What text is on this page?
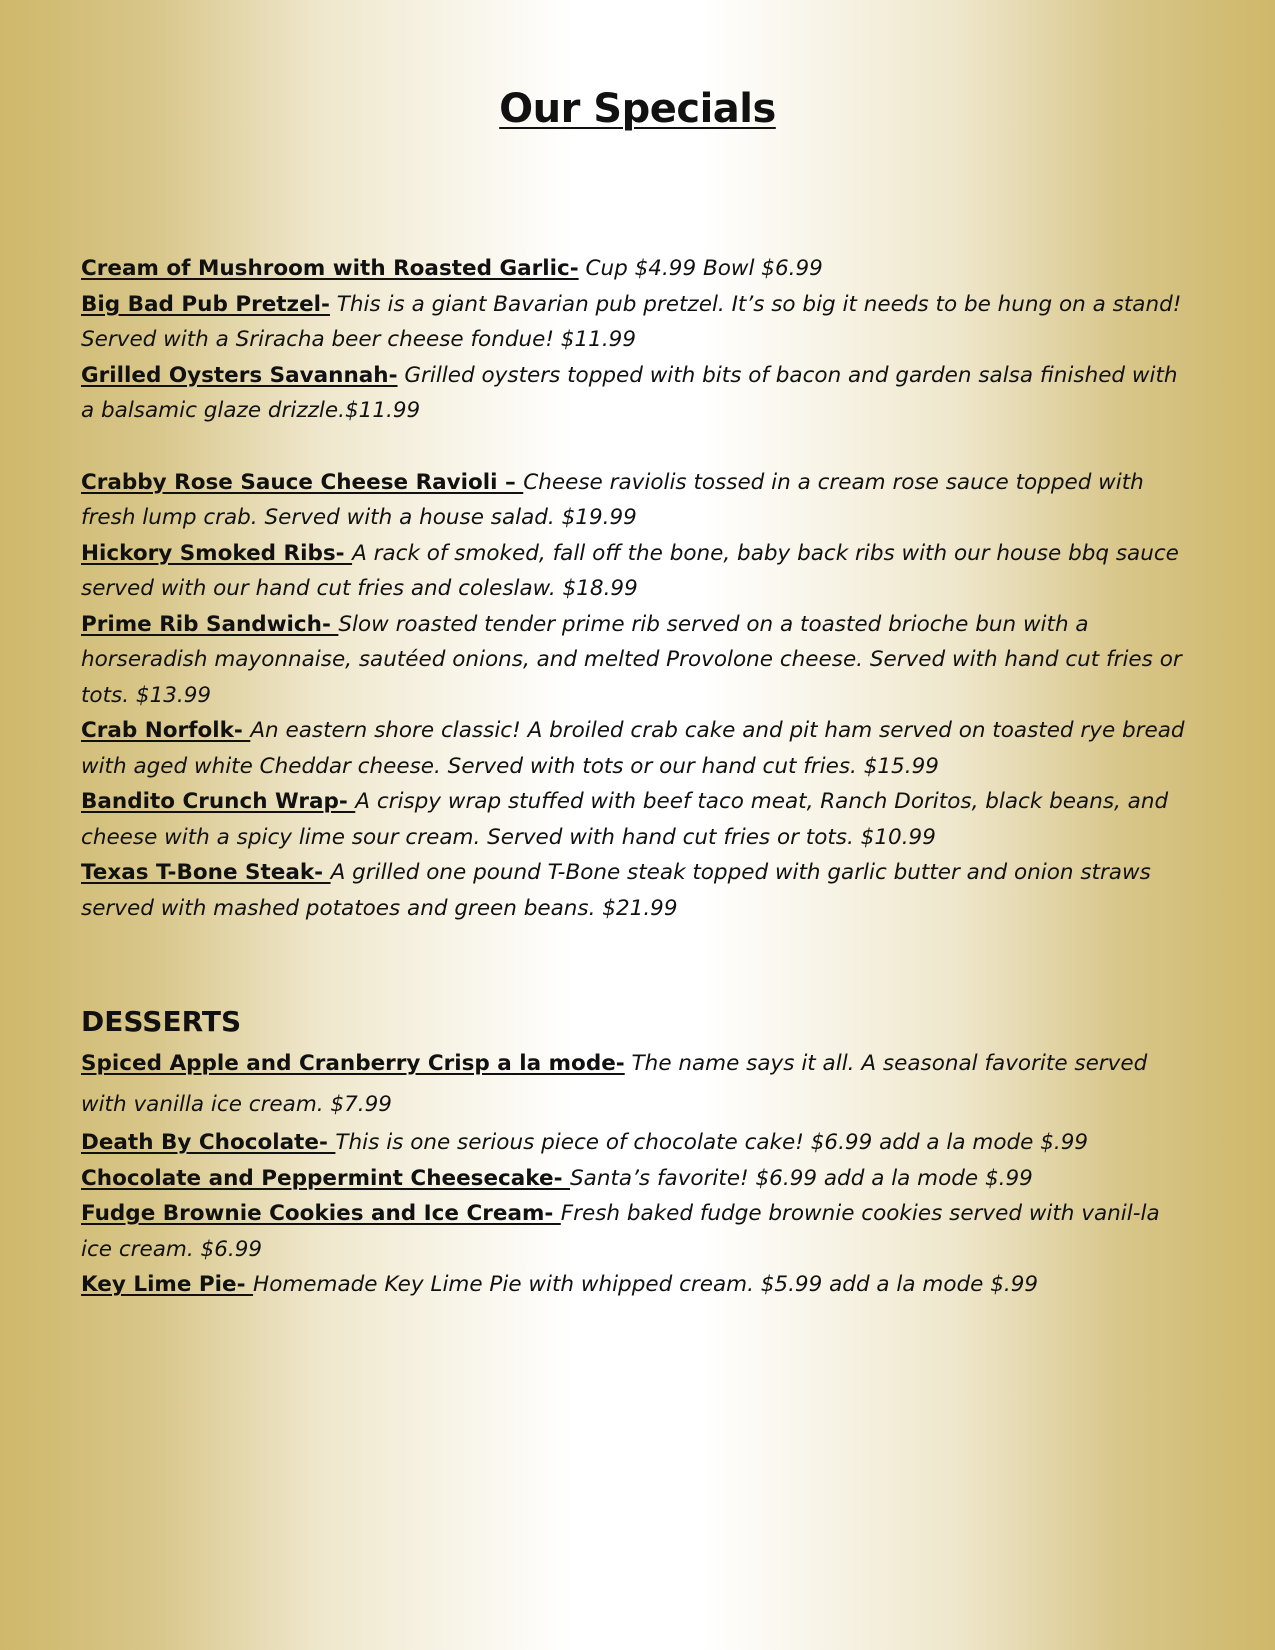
Our Specials

Cream of Mushroom with Roasted Garlic- Cup $4.99 Bowl $6.99

Big Bad Pub Pretzel- This is a giant Bavarian pub pretzel. It’s so big it needs to be hung on a stand! Served with a Sriracha beer cheese fondue! $11.99

Grilled Oysters Savannah- Grilled oysters topped with bits of bacon and garden salsa finished with a balsamic glaze drizzle.$11.99

Crabby Rose Sauce Cheese Ravioli – Cheese raviolis tossed in a cream rose sauce topped with fresh lump crab. Served with a house salad. $19.99

Hickory Smoked Ribs- A rack of smoked, fall off the bone, baby back ribs with our house bbq sauce served with our hand cut fries and coleslaw. $18.99

Prime Rib Sandwich- Slow roasted tender prime rib served on a toasted brioche bun with a horseradish mayonnaise, sautéed onions, and melted Provolone cheese. Served with hand cut fries or tots. $13.99

Crab Norfolk- An eastern shore classic! A broiled crab cake and pit ham served on toasted rye bread with aged white Cheddar cheese. Served with tots or our hand cut fries. $15.99

Bandito Crunch Wrap- A crispy wrap stuffed with beef taco meat, Ranch Doritos, black beans, and cheese with a spicy lime sour cream. Served with hand cut fries or tots. $10.99

Texas T-Bone Steak- A grilled one pound T-Bone steak topped with garlic butter and onion straws served with mashed potatoes and green beans. $21.99

DESSERTS

Spiced Apple and Cranberry Crisp a la mode- The name says it all. A seasonal favorite served with vanilla ice cream. $7.99

Death By Chocolate- This is one serious piece of chocolate cake! $6.99 add a la mode $.99

Chocolate and Peppermint Cheesecake- Santa’s favorite! $6.99 add a la mode $.99

Fudge Brownie Cookies and Ice Cream- Fresh baked fudge brownie cookies served with vanil-la ice cream. $6.99

Key Lime Pie- Homemade Key Lime Pie with whipped cream. $5.99 add a la mode $.99
